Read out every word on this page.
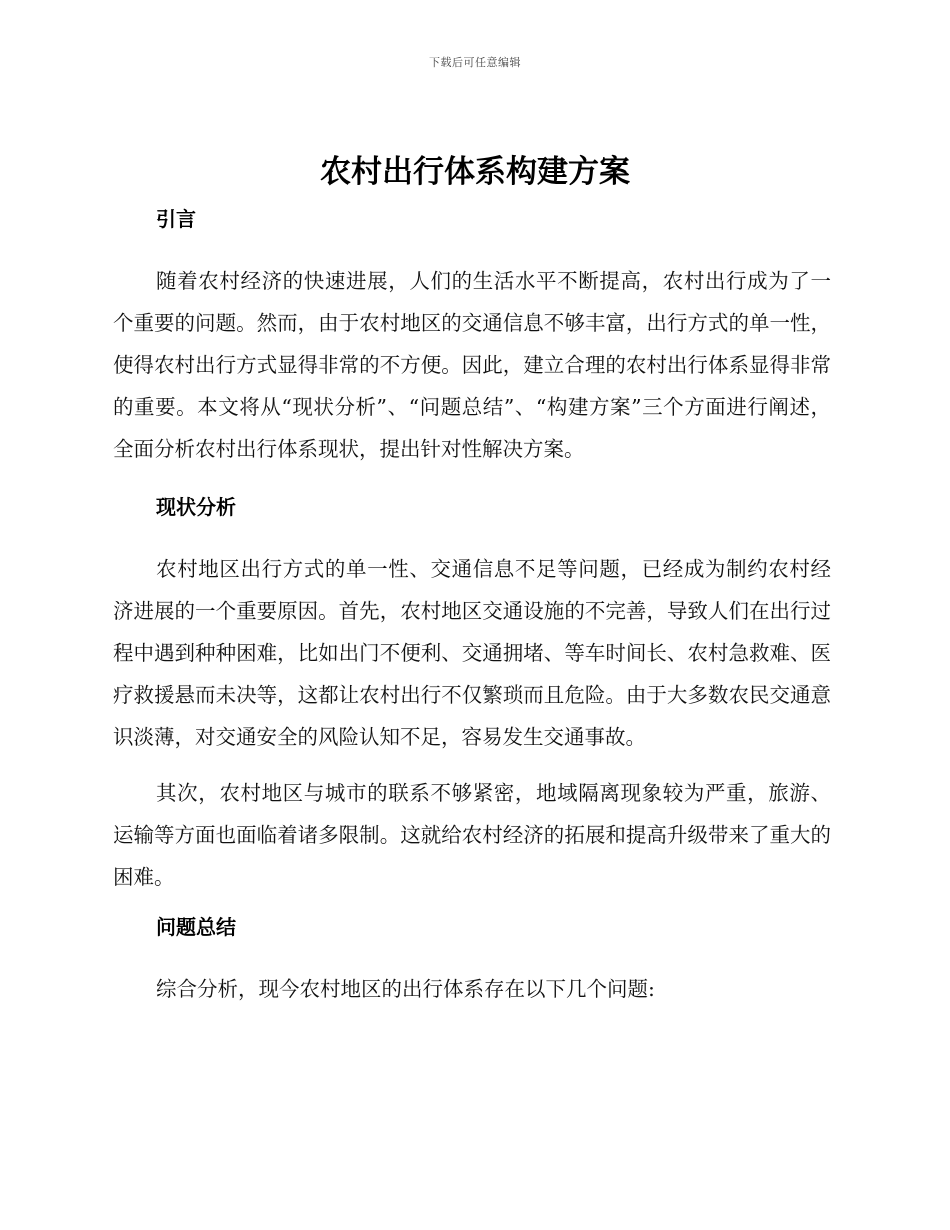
下载后可任意编辑
农村出行体系构建方案
引言

随着农村经济的快速进展，人们的生活水平不断提高，农村出行成为了一个重要的问题。然而，由于农村地区的交通信息不够丰富，出行方式的单一性，使得农村出行方式显得非常的不方便。因此，建立合理的农村出行体系显得非常的重要。本文将从“现状分析”、“问题总结”、“构建方案”三个方面进行阐述，全面分析农村出行体系现状，提出针对性解决方案。

现状分析

农村地区出行方式的单一性、交通信息不足等问题，已经成为制约农村经济进展的一个重要原因。首先，农村地区交通设施的不完善，导致人们在出行过程中遇到种种困难，比如出门不便利、交通拥堵、等车时间长、农村急救难、医疗救援悬而未决等，这都让农村出行不仅繁琐而且危险。由于大多数农民交通意识淡薄，对交通安全的风险认知不足，容易发生交通事故。

其次，农村地区与城市的联系不够紧密，地域隔离现象较为严重，旅游、运输等方面也面临着诸多限制。这就给农村经济的拓展和提高升级带来了重大的困难。

问题总结

综合分析，现今农村地区的出行体系存在以下几个问题:
